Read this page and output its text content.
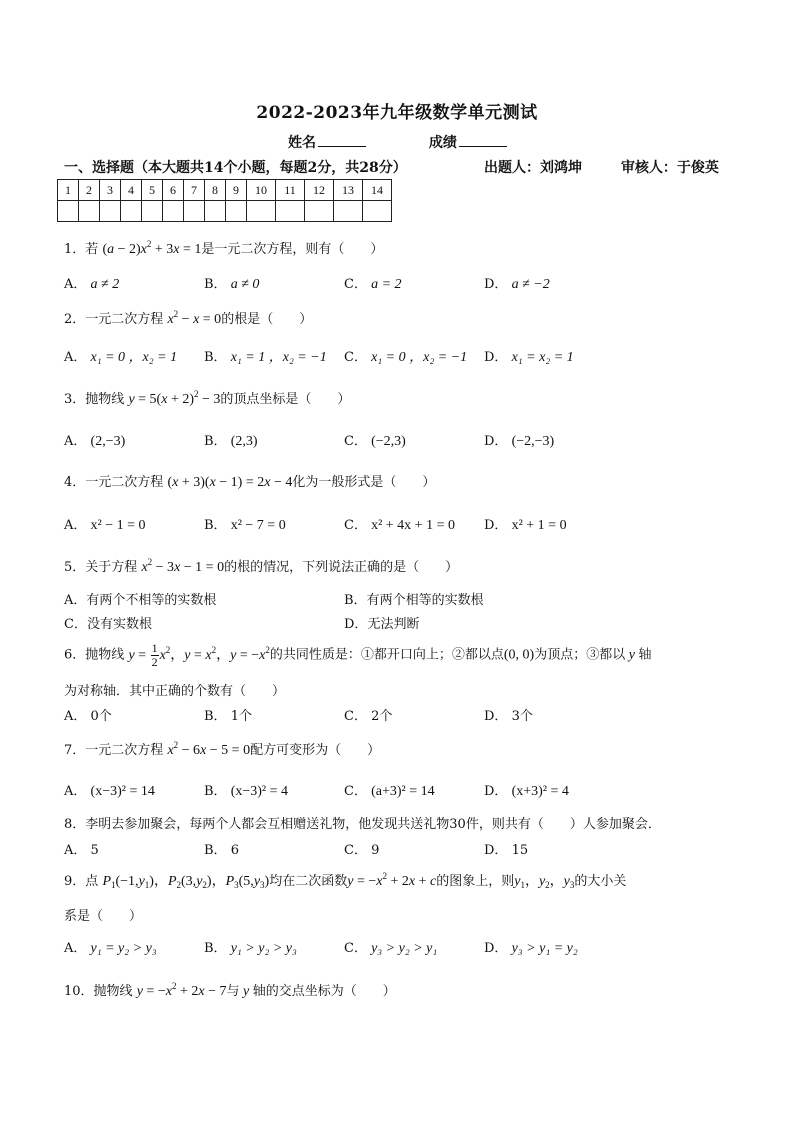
2022-2023年九年级数学单元测试
姓名	成绩
一、选择题（本大题共14个小题，每题2分，共28分）	出题人：刘鸿坤	审核人：于俊英
1	2	3	4	5	6	7	8	9	10	11	12	13	14

1．若 $(a - 2)x^2 + 3x = 1$是一元二次方程，则有（　　）
A． a ≠ 2	B． a ≠ 0	C． a = 2	D． a ≠ −2
2．一元二次方程 $x^2 - x = 0$的根是（　　）
A． x₁ = 0 ，x₂ = 1 B． x₁ = 1 ，x₂ = −1 C． x₁ = 0 ，x₂ = −1 D． x₁ = x₂ = 1
3．抛物线 $y = 5(x + 2)^2 - 3$的顶点坐标是（　　）
A． (2,−3)	B． (2,3)	C． (−2,3)	D． (−2,−3)
4．一元二次方程 (x + 3)(x − 1) = 2x − 4化为一般形式是（　　）
A． x² − 1 = 0	B． x² − 7 = 0	C． x² + 4x + 1 = 0 D． x² + 1 = 0
5．关于方程 $x^2 - 3x - 1 = 0$的根的情况，下列说法正确的是（　　）
A．有两个不相等的实数根	B．有两个相等的实数根
C．没有实数根	D．无法判断
6．抛物线 $y = \frac{1}{2} x^2$，$y = x^2$，$y = -x^2$的共同性质是：①都开口向上；②都以点(0, 0)为顶点；③都以 y 轴
为对称轴．其中正确的个数有（　　）
A． 0个	B． 1个	C． 2个	D． 3个
7．一元二次方程 $x^2 - 6x - 5 = 0$配方可变形为（　　）
A． (x−3)² = 14	B． (x−3)² = 4	C． (a+3)² = 14	D． (x+3)² = 4
8．李明去参加聚会，每两个人都会互相赠送礼物，他发现共送礼物30件，则共有（　　）人参加聚会．
A． 5	B． 6	C． 9	D． 15
9．点 $P_1(-1,y_1)$，$P_2(3,y_2)$，$P_3(5,y_3)$均在二次函数$y = -x^2 + 2x + c$的图象上，则$y_1$，$y_2$，$y_3$的大小关
系是（　　）
A． y₁ = y₂ > y₃	B． y₁ > y₂ > y₃	C． y₃ > y₂ > y₁	D． y₃ > y₁ = y₂
10．抛物线 $y = -x^2 + 2x - 7$与 y 轴的交点坐标为（　　）
